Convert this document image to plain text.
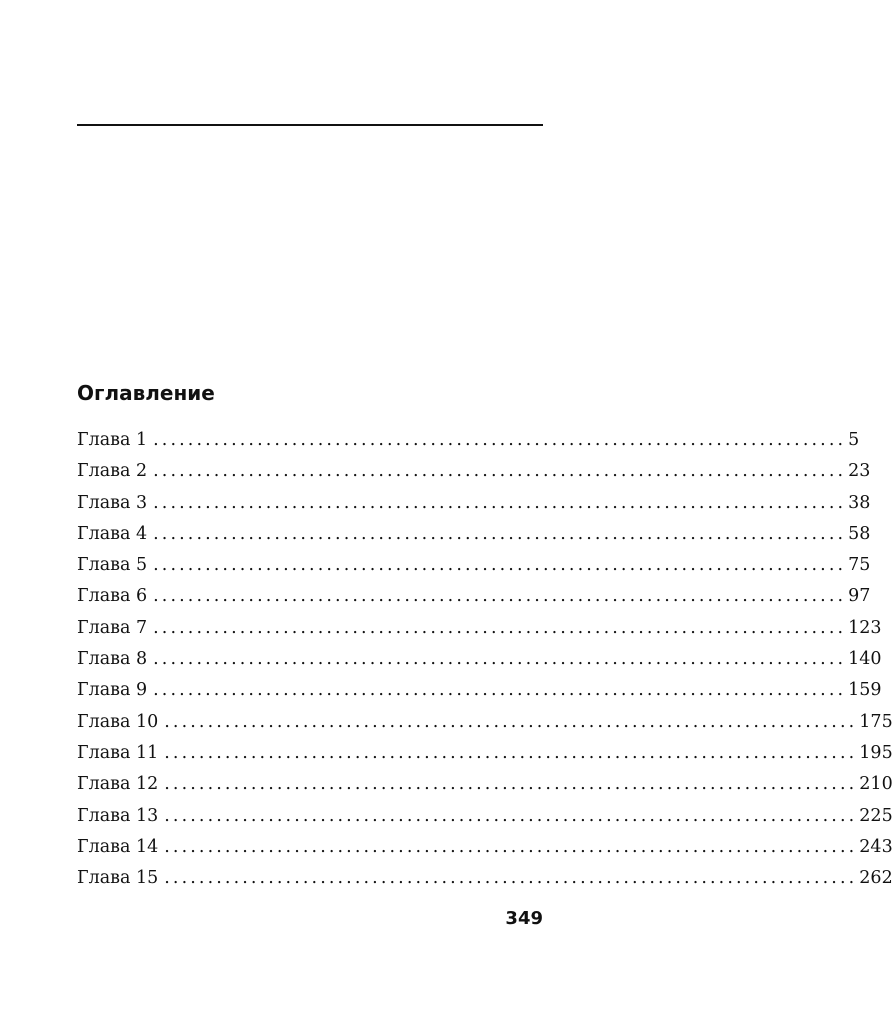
Оглавление
Глава 1 ................................................................................ 5
Глава 2 ................................................................................ 23
Глава 3 ................................................................................ 38
Глава 4 ................................................................................ 58
Глава 5 ................................................................................ 75
Глава 6 ................................................................................ 97
Глава 7 ................................................................................ 123
Глава 8 ................................................................................ 140
Глава 9 ................................................................................ 159
Глава 10 ................................................................................ 175
Глава 11 ................................................................................ 195
Глава 12 ................................................................................ 210
Глава 13 ................................................................................ 225
Глава 14 ................................................................................ 243
Глава 15 ................................................................................ 262
349
